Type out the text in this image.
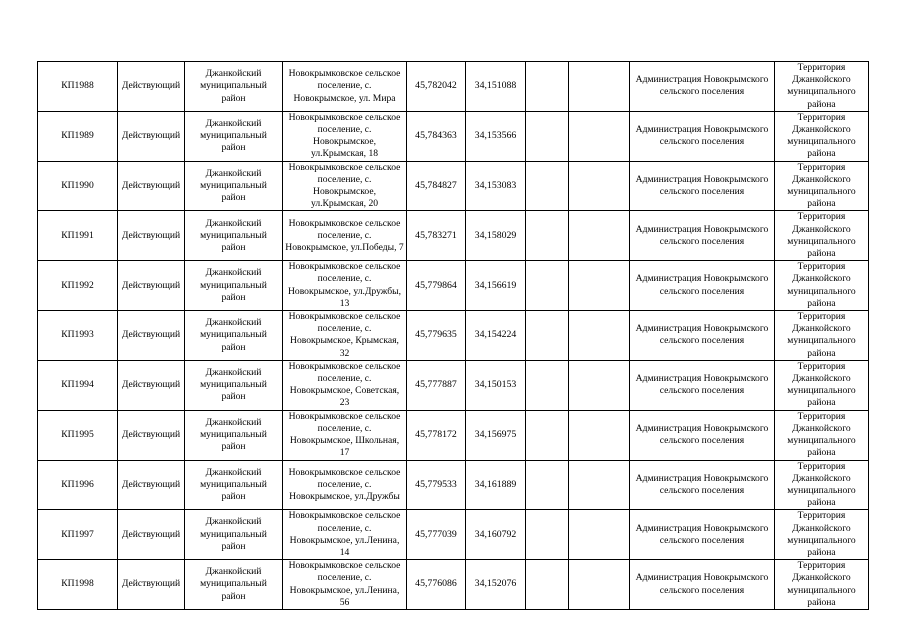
КП1988	Действующий	Джанкойский муниципальный район	Новокрымковское сельское поселение, с. Новокрымское, ул. Мира	45,782042	34,151088			Администрация Новокрымского сельского поселения	Территория Джанкойского муниципального района
КП1989	Действующий	Джанкойский муниципальный район	Новокрымковское сельское поселение, с. Новокрымское, ул.Крымская, 18	45,784363	34,153566			Администрация Новокрымского сельского поселения	Территория Джанкойского муниципального района
КП1990	Действующий	Джанкойский муниципальный район	Новокрымковское сельское поселение, с. Новокрымское, ул.Крымская, 20	45,784827	34,153083			Администрация Новокрымского сельского поселения	Территория Джанкойского муниципального района
КП1991	Действующий	Джанкойский муниципальный район	Новокрымковское сельское поселение, с. Новокрымское, ул.Победы, 7	45,783271	34,158029			Администрация Новокрымского сельского поселения	Территория Джанкойского муниципального района
КП1992	Действующий	Джанкойский муниципальный район	Новокрымковское сельское поселение, с. Новокрымское, ул.Дружбы, 13	45,779864	34,156619			Администрация Новокрымского сельского поселения	Территория Джанкойского муниципального района
КП1993	Действующий	Джанкойский муниципальный район	Новокрымковское сельское поселение, с. Новокрымское, Крымская, 32	45,779635	34,154224			Администрация Новокрымского сельского поселения	Территория Джанкойского муниципального района
КП1994	Действующий	Джанкойский муниципальный район	Новокрымковское сельское поселение, с. Новокрымское, Советская, 23	45,777887	34,150153			Администрация Новокрымского сельского поселения	Территория Джанкойского муниципального района
КП1995	Действующий	Джанкойский муниципальный район	Новокрымковское сельское поселение, с. Новокрымское, Школьная, 17	45,778172	34,156975			Администрация Новокрымского сельского поселения	Территория Джанкойского муниципального района
КП1996	Действующий	Джанкойский муниципальный район	Новокрымковское сельское поселение, с. Новокрымское, ул.Дружбы	45,779533	34,161889			Администрация Новокрымского сельского поселения	Территория Джанкойского муниципального района
КП1997	Действующий	Джанкойский муниципальный район	Новокрымковское сельское поселение, с. Новокрымское, ул.Ленина, 14	45,777039	34,160792			Администрация Новокрымского сельского поселения	Территория Джанкойского муниципального района
КП1998	Действующий	Джанкойский муниципальный район	Новокрымковское сельское поселение, с. Новокрымское, ул.Ленина, 56	45,776086	34,152076			Администрация Новокрымского сельского поселения	Территория Джанкойского муниципального района
